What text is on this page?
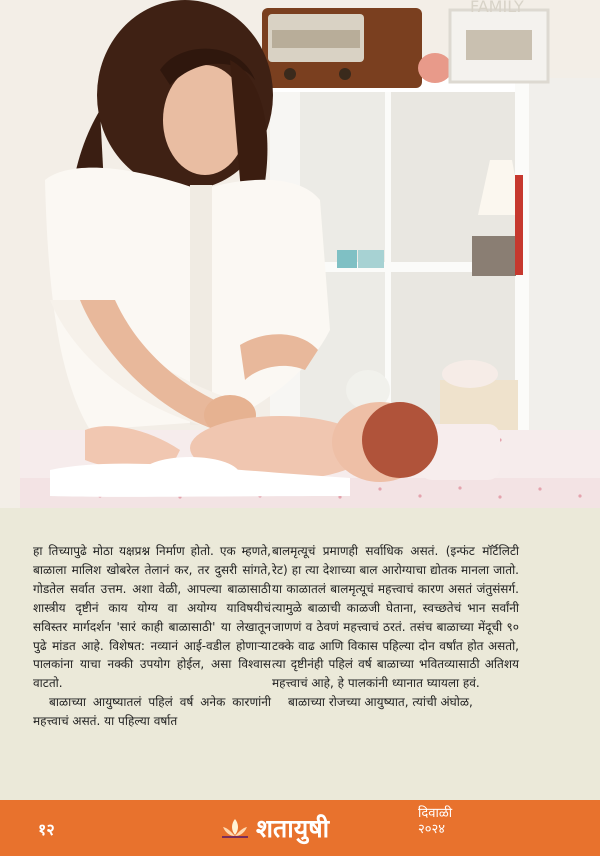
FAMILY

हा तिच्यापुढे मोठा यक्षप्रश्न निर्माण होतो. एक म्हणते, बाळाला मालिश खोबरेल तेलानं कर, तर दुसरी सांगते, गोडतेल सर्वात उत्तम. अशा वेळी, आपल्या बाळासाठी शास्त्रीय दृष्टीनं काय योग्य वा अयोग्य याविषयीचं सविस्तर मार्गदर्शन 'सारं काही बाळासाठी' या लेखातून पुढे मांडत आहे. विशेषत: नव्यानं आई-वडील होणाऱ्या पालकांना याचा नक्की उपयोग होईल, असा विश्वास वाटतो.

बाळाच्या आयुष्यातलं पहिलं वर्ष अनेक कारणांनी महत्त्वाचं असतं. या पहिल्या वर्षात

बालमृत्यूचं प्रमाणही सर्वाधिक असतं. (इन्फंट मॉर्टॅलिटी रेट) हा त्या देशाच्या बाल आरोग्याचा द्योतक मानला जातो. या काळातलं बालमृत्यूचं महत्त्वाचं कारण असतं जंतुसंसर्ग. त्यामुळे बाळाची काळजी घेताना, स्वच्छतेचं भान सर्वांनी जाणणं व ठेवणं महत्त्वाचं ठरतं. तसंच बाळाच्या मेंदूची ९० टक्के वाढ आणि विकास पहिल्या दोन वर्षांत होत असतो, त्या दृष्टीनंही पहिलं वर्ष बाळाच्या भवितव्यासाठी अतिशय महत्त्वाचं आहे, हे पालकांनी ध्यानात घ्यायला हवं.

बाळाच्या रोजच्या आयुष्यात, त्यांची अंघोळ,

१२	शतायुषी
दिवाळी
२०२४
